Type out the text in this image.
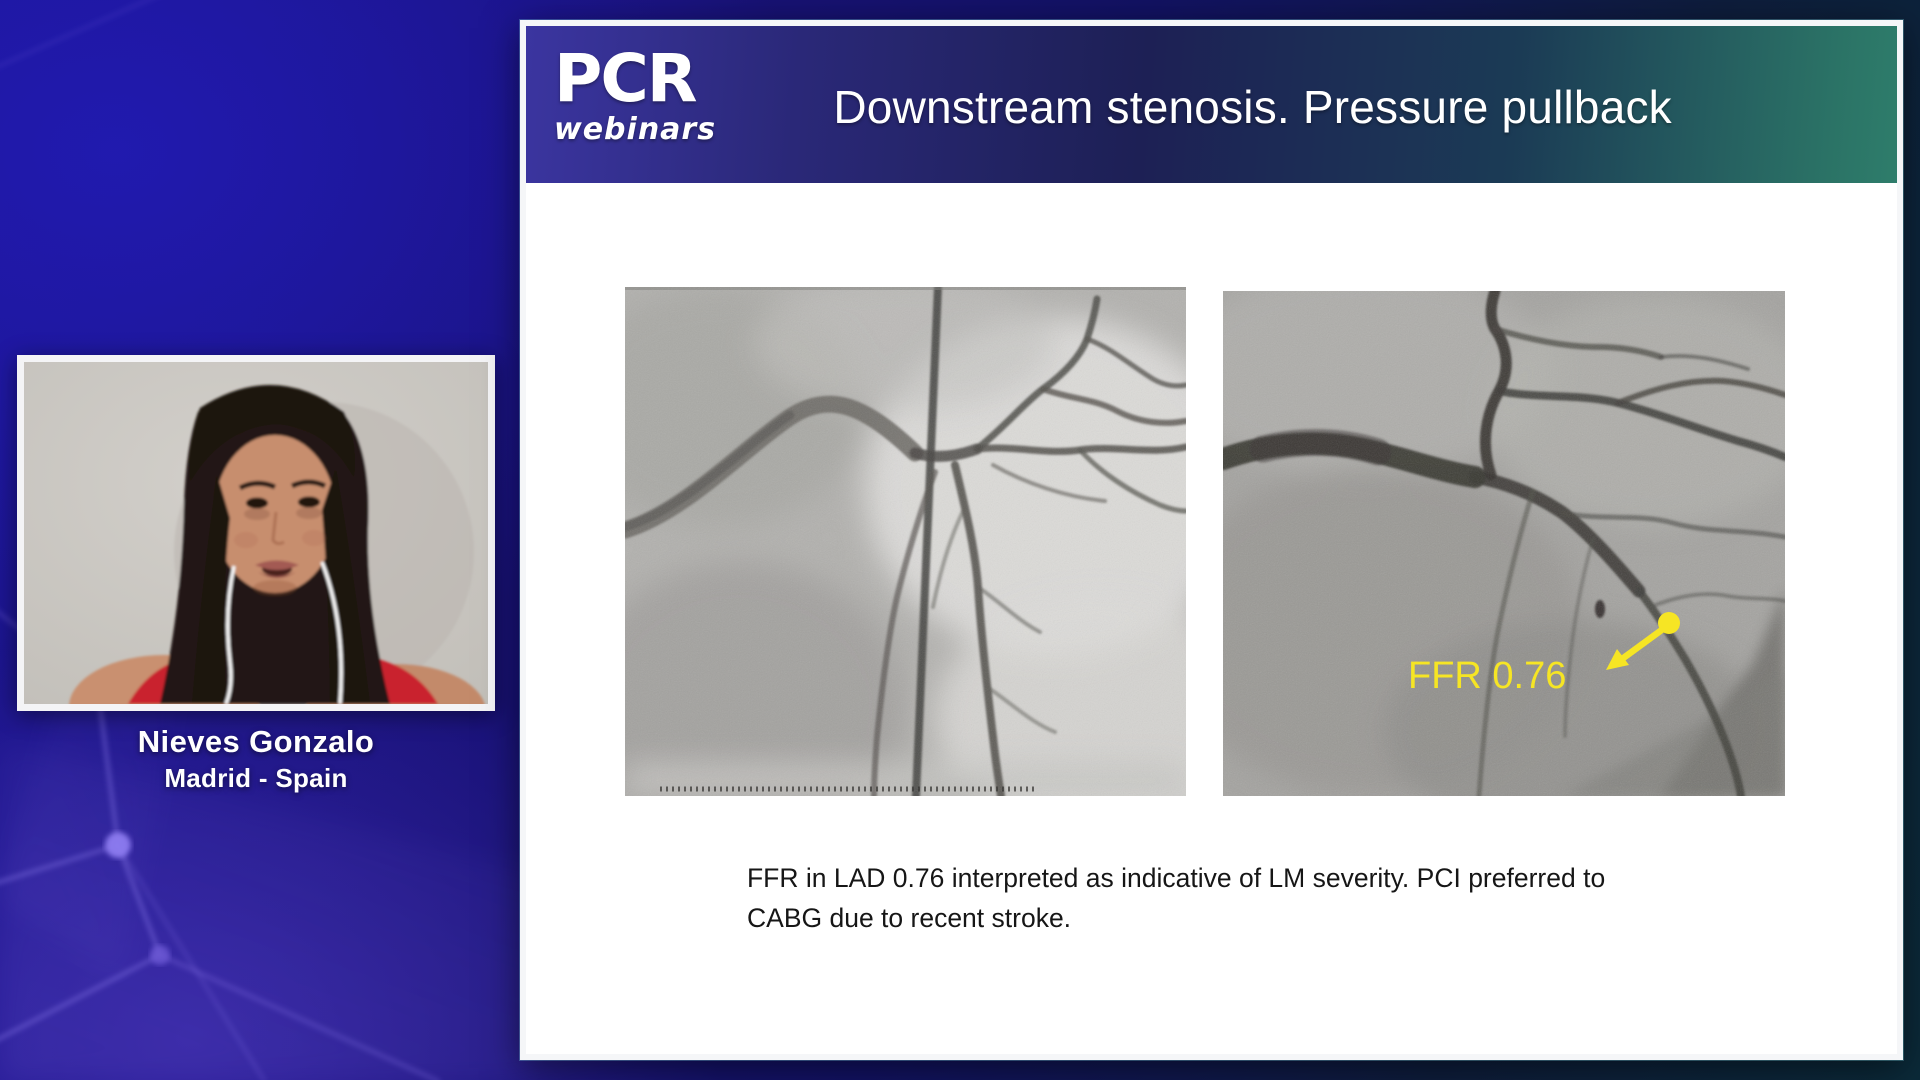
Nieves Gonzalo
Madrid - Spain
PCR
webinars	Downstream stenosis. Pressure pullback
FFR 0.76

FFR in LAD 0.76 interpreted as indicative of LM severity. PCI preferred to
CABG due to recent stroke.
